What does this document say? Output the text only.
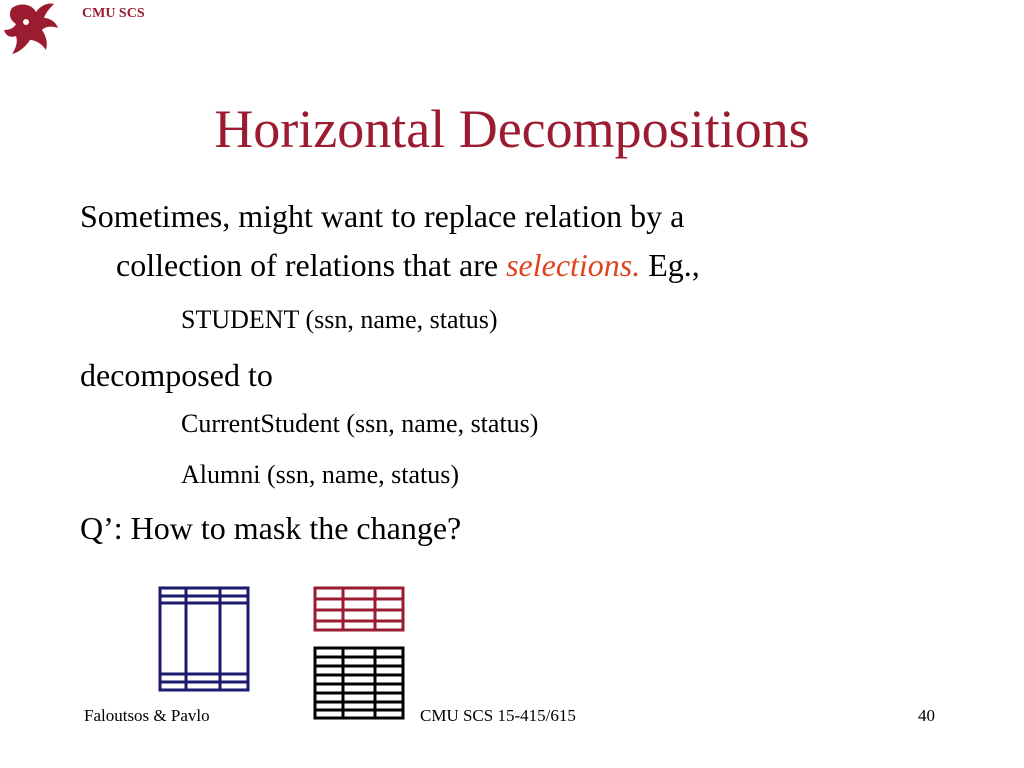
CMU SCS
Horizontal Decompositions
Sometimes, might want to replace relation by a
collection of relations that are selections. Eg.,
STUDENT (ssn, name, status)
decomposed to
CurrentStudent (ssn, name, status)
Alumni (ssn, name, status)
Q’: How to mask the change?
Faloutsos & Pavlo	CMU SCS 15-415/615	40
